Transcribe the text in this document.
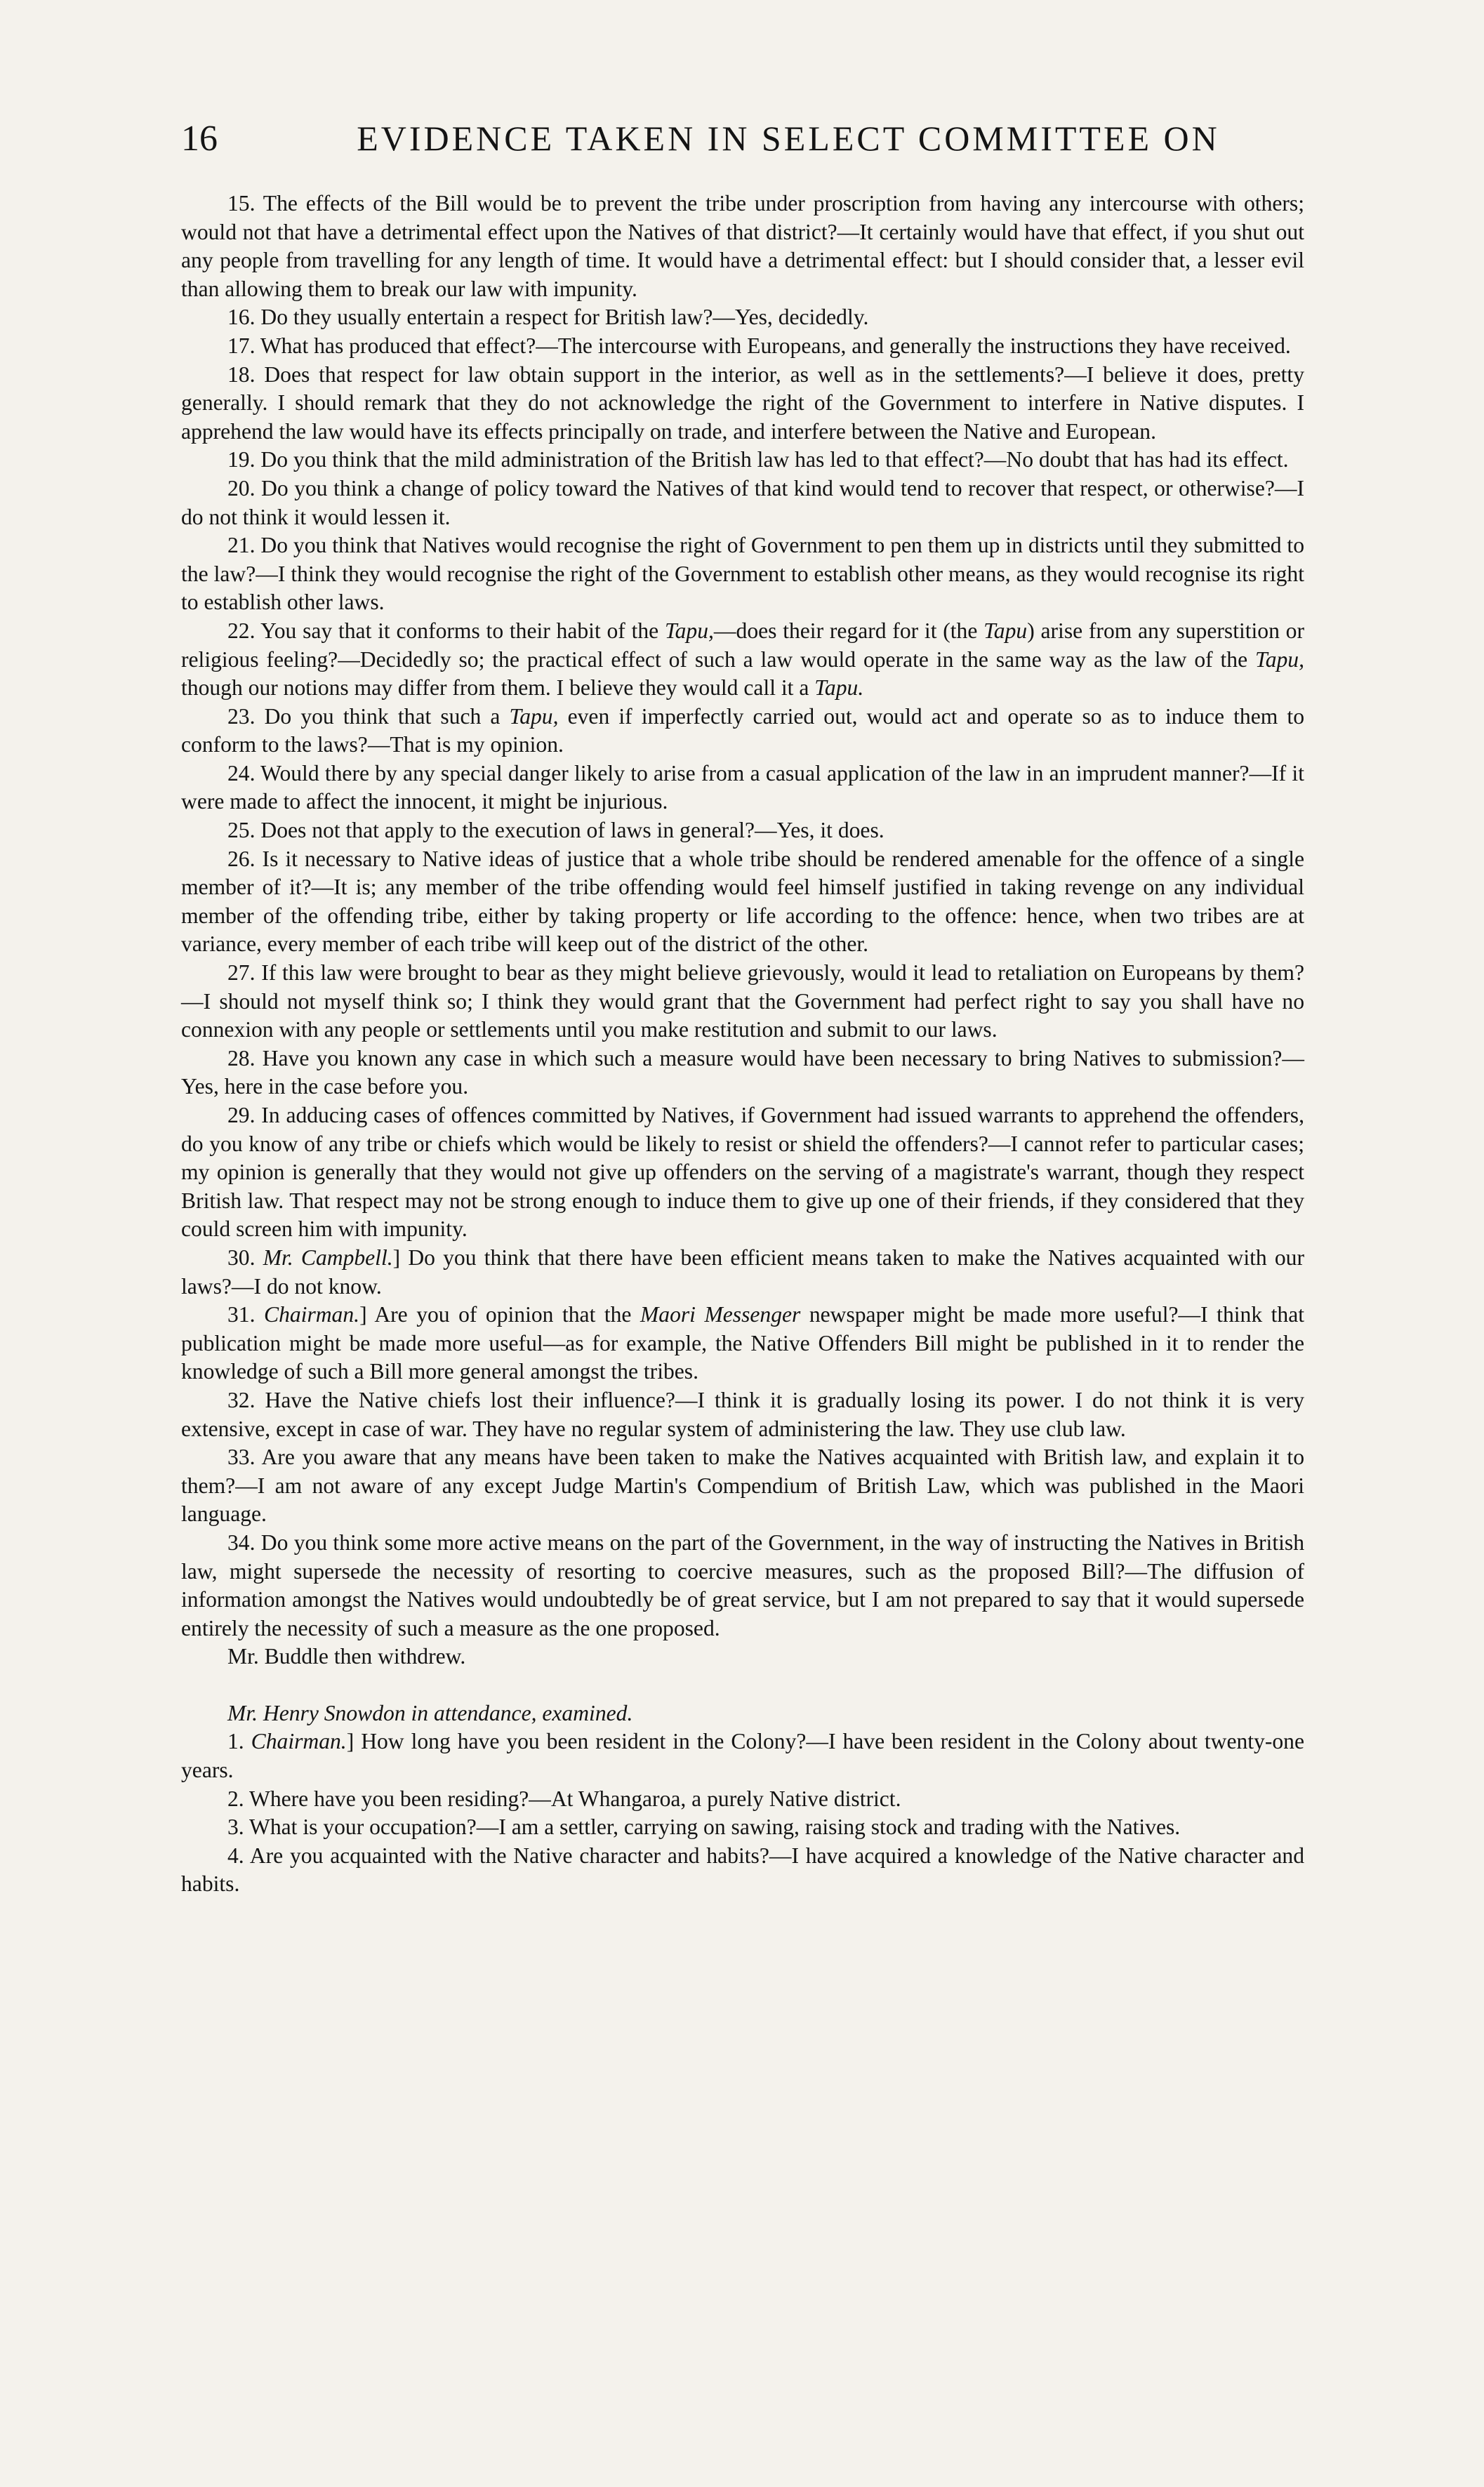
16	EVIDENCE TAKEN IN SELECT COMMITTEE ON

15. The effects of the Bill would be to prevent the tribe under proscription from having any intercourse with others; would not that have a detrimental effect upon the Natives of that district?—It certainly would have that effect, if you shut out any people from travelling for any length of time. It would have a detrimental effect: but I should consider that, a lesser evil than allowing them to break our law with impunity.

16. Do they usually entertain a respect for British law?—Yes, decidedly.

17. What has produced that effect?—The intercourse with Europeans, and generally the instructions they have received.

18. Does that respect for law obtain support in the interior, as well as in the settlements?—I believe it does, pretty generally. I should remark that they do not acknowledge the right of the Government to interfere in Native disputes. I apprehend the law would have its effects principally on trade, and interfere between the Native and European.

19. Do you think that the mild administration of the British law has led to that effect?—No doubt that has had its effect.

20. Do you think a change of policy toward the Natives of that kind would tend to recover that respect, or otherwise?—I do not think it would lessen it.

21. Do you think that Natives would recognise the right of Government to pen them up in districts until they submitted to the law?—I think they would recognise the right of the Government to establish other means, as they would recognise its right to establish other laws.

22. You say that it conforms to their habit of the Tapu,—does their regard for it (the Tapu) arise from any superstition or religious feeling?—Decidedly so; the practical effect of such a law would operate in the same way as the law of the Tapu, though our notions may differ from them. I believe they would call it a Tapu.

23. Do you think that such a Tapu, even if imperfectly carried out, would act and operate so as to induce them to conform to the laws?—That is my opinion.

24. Would there by any special danger likely to arise from a casual application of the law in an imprudent manner?—If it were made to affect the innocent, it might be injurious.

25. Does not that apply to the execution of laws in general?—Yes, it does.

26. Is it necessary to Native ideas of justice that a whole tribe should be rendered amenable for the offence of a single member of it?—It is; any member of the tribe offending would feel himself justified in taking revenge on any individual member of the offending tribe, either by taking property or life according to the offence: hence, when two tribes are at variance, every member of each tribe will keep out of the district of the other.

27. If this law were brought to bear as they might believe grievously, would it lead to retaliation on Europeans by them?—I should not myself think so; I think they would grant that the Government had perfect right to say you shall have no connexion with any people or settlements until you make restitution and submit to our laws.

28. Have you known any case in which such a measure would have been necessary to bring Natives to submission?—Yes, here in the case before you.

29. In adducing cases of offences committed by Natives, if Government had issued warrants to apprehend the offenders, do you know of any tribe or chiefs which would be likely to resist or shield the offenders?—I cannot refer to particular cases; my opinion is generally that they would not give up offenders on the serving of a magistrate's warrant, though they respect British law. That respect may not be strong enough to induce them to give up one of their friends, if they considered that they could screen him with impunity.

30. Mr. Campbell.] Do you think that there have been efficient means taken to make the Natives acquainted with our laws?—I do not know.

31. Chairman.] Are you of opinion that the Maori Messenger newspaper might be made more useful?—I think that publication might be made more useful—as for example, the Native Offenders Bill might be published in it to render the knowledge of such a Bill more general amongst the tribes.

32. Have the Native chiefs lost their influence?—I think it is gradually losing its power. I do not think it is very extensive, except in case of war. They have no regular system of administering the law. They use club law.

33. Are you aware that any means have been taken to make the Natives acquainted with British law, and explain it to them?—I am not aware of any except Judge Martin's Compendium of British Law, which was published in the Maori language.

34. Do you think some more active means on the part of the Government, in the way of instructing the Natives in British law, might supersede the necessity of resorting to coercive measures, such as the proposed Bill?—The diffusion of information amongst the Natives would undoubtedly be of great service, but I am not prepared to say that it would supersede entirely the necessity of such a measure as the one proposed.

Mr. Buddle then withdrew.

Mr. Henry Snowdon in attendance, examined.

1. Chairman.] How long have you been resident in the Colony?—I have been resident in the Colony about twenty-one years.

2. Where have you been residing?—At Whangaroa, a purely Native district.

3. What is your occupation?—I am a settler, carrying on sawing, raising stock and trading with the Natives.

4. Are you acquainted with the Native character and habits?—I have acquired a knowledge of the Native character and habits.
